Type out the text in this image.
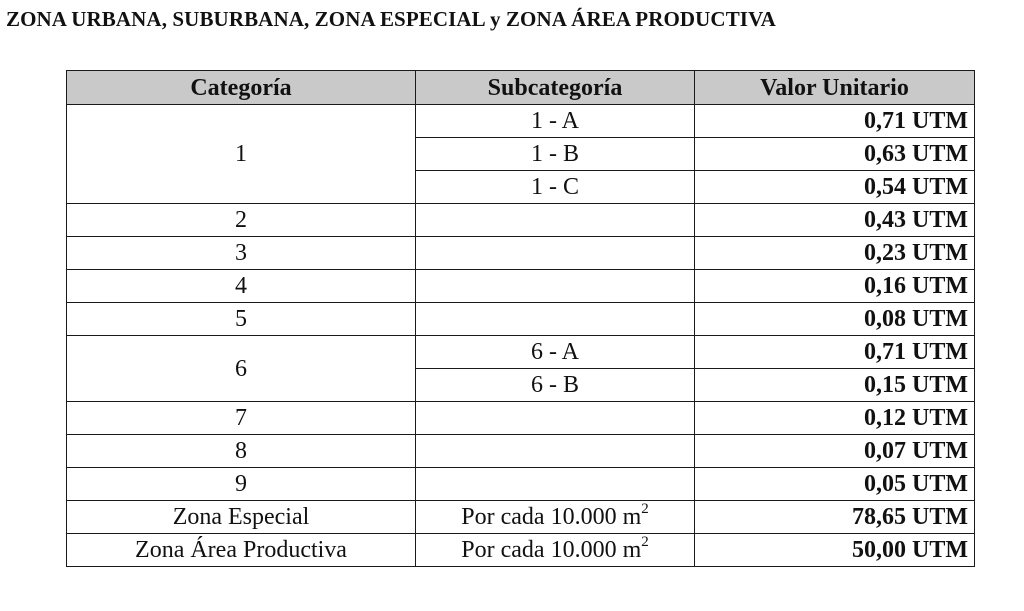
ZONA URBANA, SUBURBANA, ZONA ESPECIAL y ZONA ÁREA PRODUCTIVA
Categoría	Subcategoría	Valor Unitario
1	1 - A	0,71 UTM
	1 - B	0,63 UTM
	1 - C	0,54 UTM
2		0,43 UTM
3		0,23 UTM
4		0,16 UTM
5		0,08 UTM
6	6 - A	0,71 UTM
	6 - B	0,15 UTM
7		0,12 UTM
8		0,07 UTM
9		0,05 UTM
Zona Especial	Por cada 10.000 $m^2$	78,65 UTM
Zona Área Productiva	Por cada 10.000 $m^2$	50,00 UTM
